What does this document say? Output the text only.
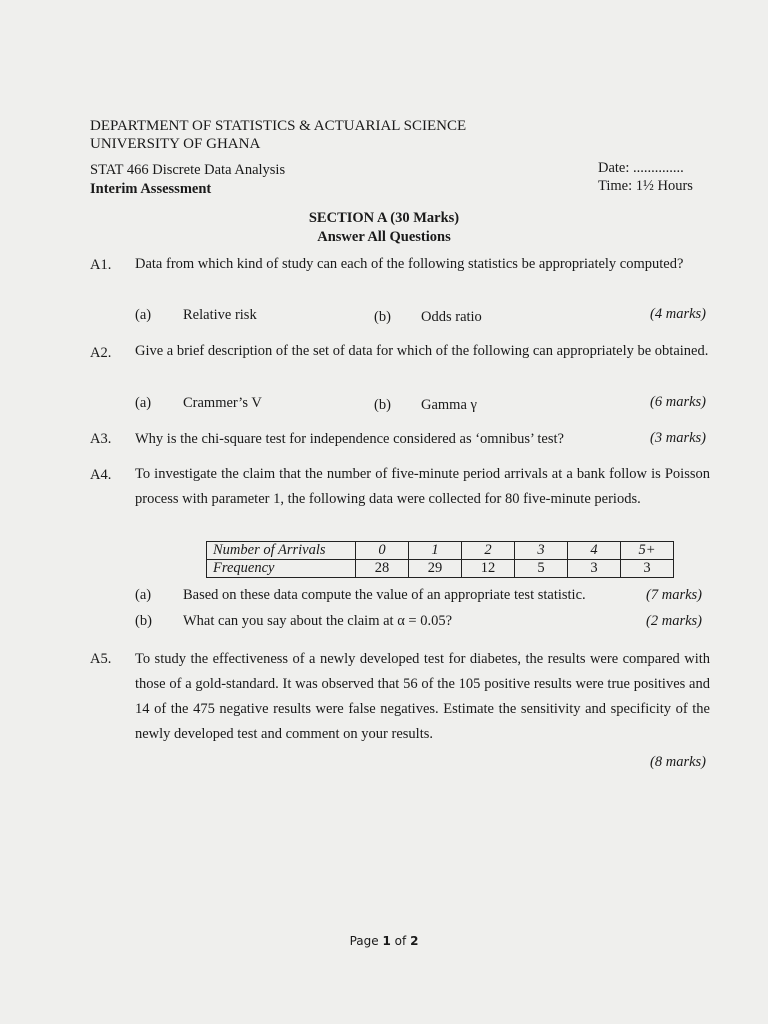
DEPARTMENT OF STATISTICS & ACTUARIAL SCIENCE
UNIVERSITY OF GHANA
STAT 466 Discrete Data Analysis
Interim Assessment
Date: ..............
Time: 1½ Hours
SECTION A (30 Marks)
Answer All Questions
A1. Data from which kind of study can each of the following statistics be appropriately computed?
(a) Relative risk	(b) Odds ratio	(4 marks)
A2. Give a brief description of the set of data for which of the following can appropriately be obtained.
(a) Crammer’s V	(b) Gamma γ	(6 marks)
A3. Why is the chi-square test for independence considered as ‘omnibus’ test?	(3 marks)
A4. To investigate the claim that the number of five-minute period arrivals at a bank follow is Poisson process with parameter 1, the following data were collected for 80 five-minute periods.
Number of Arrivals	0	1	2	3	4	5+
Frequency	28	29	12	5	3	3
(a) Based on these data compute the value of an appropriate test statistic.	(7 marks)
(b) What can you say about the claim at α = 0.05?	(2 marks)
A5. To study the effectiveness of a newly developed test for diabetes, the results were compared with those of a gold-standard. It was observed that 56 of the 105 positive results were true positives and 14 of the 475 negative results were false negatives. Estimate the sensitivity and specificity of the newly developed test and comment on your results.
(8 marks)
Page 1 of 2
